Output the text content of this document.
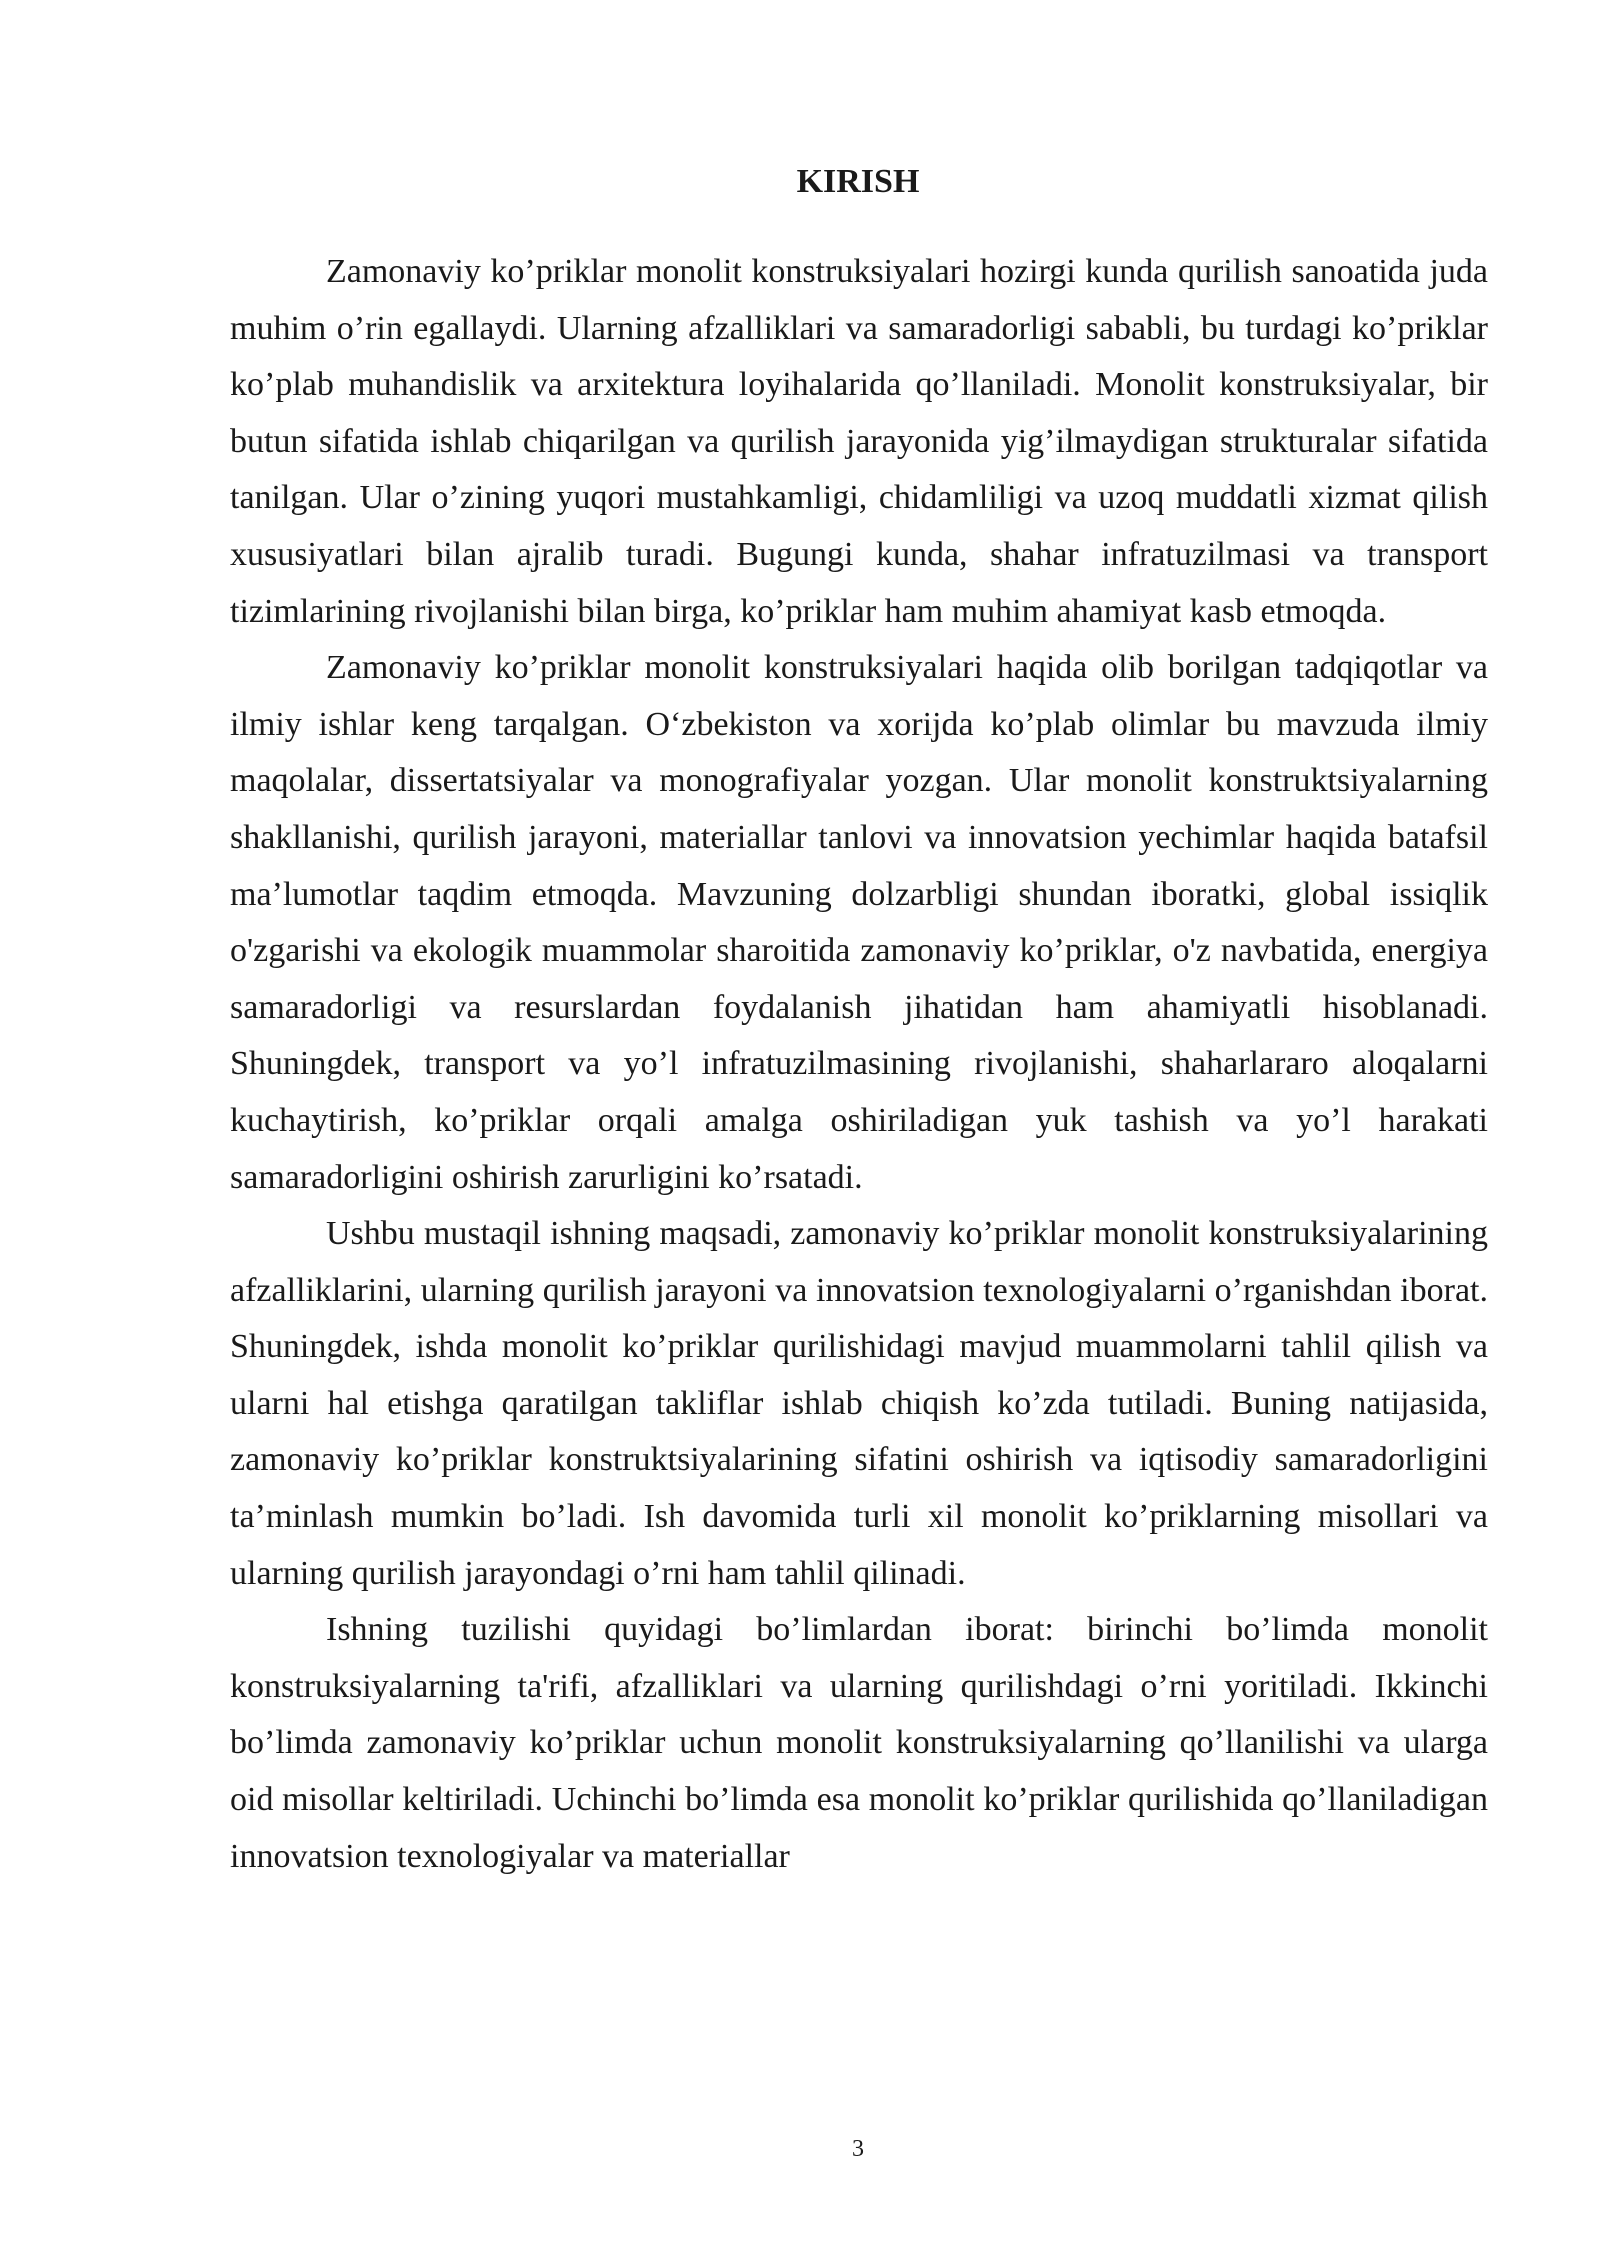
KIRISH

Zamonaviy ko’priklar monolit konstruksiyalari hozirgi kunda qurilish sanoatida juda muhim o’rin egallaydi. Ularning afzalliklari va samaradorligi sababli, bu turdagi ko’priklar ko’plab muhandislik va arxitektura loyihalarida qo’llaniladi. Monolit konstruksiyalar, bir butun sifatida ishlab chiqarilgan va qurilish jarayonida yig’ilmaydigan strukturalar sifatida tanilgan. Ular o’zining yuqori mustahkamligi, chidamliligi va uzoq muddatli xizmat qilish xususiyatlari bilan ajralib turadi. Bugungi kunda, shahar infratuzilmasi va transport tizimlarining rivojlanishi bilan birga, ko’priklar ham muhim ahamiyat kasb etmoqda.

Zamonaviy ko’priklar monolit konstruksiyalari haqida olib borilgan tadqiqotlar va ilmiy ishlar keng tarqalgan. O‘zbekiston va xorijda ko’plab olimlar bu mavzuda ilmiy maqolalar, dissertatsiyalar va monografiyalar yozgan. Ular monolit konstruktsiyalarning shakllanishi, qurilish jarayoni, materiallar tanlovi va innovatsion yechimlar haqida batafsil ma’lumotlar taqdim etmoqda. Mavzuning dolzarbligi shundan iboratki, global issiqlik o'zgarishi va ekologik muammolar sharoitida zamonaviy ko’priklar, o'z navbatida, energiya samaradorligi va resurslardan foydalanish jihatidan ham ahamiyatli hisoblanadi. Shuningdek, transport va yo’l infratuzilmasining rivojlanishi, shaharlararo aloqalarni kuchaytirish, ko’priklar orqali amalga oshiriladigan yuk tashish va yo’l harakati samaradorligini oshirish zarurligini ko’rsatadi.

Ushbu mustaqil ishning maqsadi, zamonaviy ko’priklar monolit konstruksiyalarining afzalliklarini, ularning qurilish jarayoni va innovatsion texnologiyalarni o’rganishdan iborat. Shuningdek, ishda monolit ko’priklar qurilishidagi mavjud muammolarni tahlil qilish va ularni hal etishga qaratilgan takliflar ishlab chiqish ko’zda tutiladi. Buning natijasida, zamonaviy ko’priklar konstruktsiyalarining sifatini oshirish va iqtisodiy samaradorligini ta’minlash mumkin bo’ladi. Ish davomida turli xil monolit ko’priklarning misollari va ularning qurilish jarayondagi o’rni ham tahlil qilinadi.

Ishning tuzilishi quyidagi bo’limlardan iborat: birinchi bo’limda monolit konstruksiyalarning ta'rifi, afzalliklari va ularning qurilishdagi o’rni yoritiladi. Ikkinchi bo’limda zamonaviy ko’priklar uchun monolit konstruksiyalarning qo’llanilishi va ularga oid misollar keltiriladi. Uchinchi bo’limda esa monolit ko’priklar qurilishida qo’llaniladigan innovatsion texnologiyalar va materiallar

3
